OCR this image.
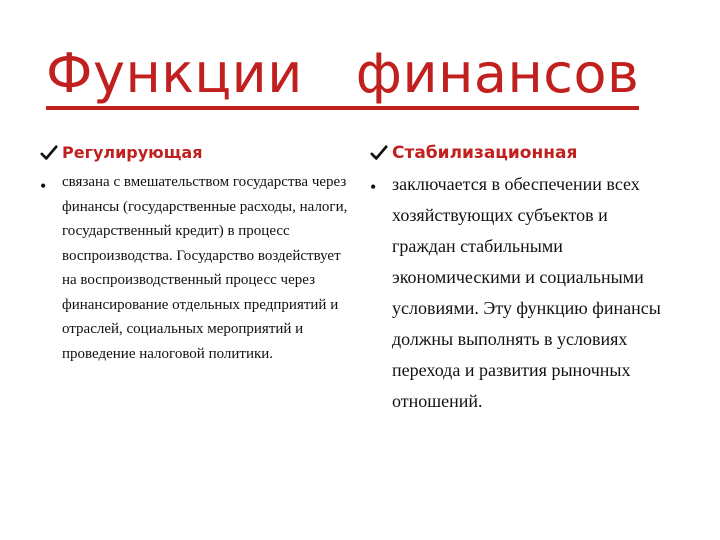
Функции   финансов
Регулирующая
•	связана с вмешательством государства через финансы (государственные расходы, налоги, государственный кредит) в процесс воспроизводства. Государство воздействует на воспроизводственный процесс через финансирование отдельных предприятий и отраслей, социальных мероприятий и проведение налоговой политики.

Стабилизационная
• заключается в обеспечении всех хозяйствующих субъектов и граждан стабильными экономическими и социальными условиями. Эту функцию финансы должны выполнять в условиях перехода и развития рыночных отношений.
